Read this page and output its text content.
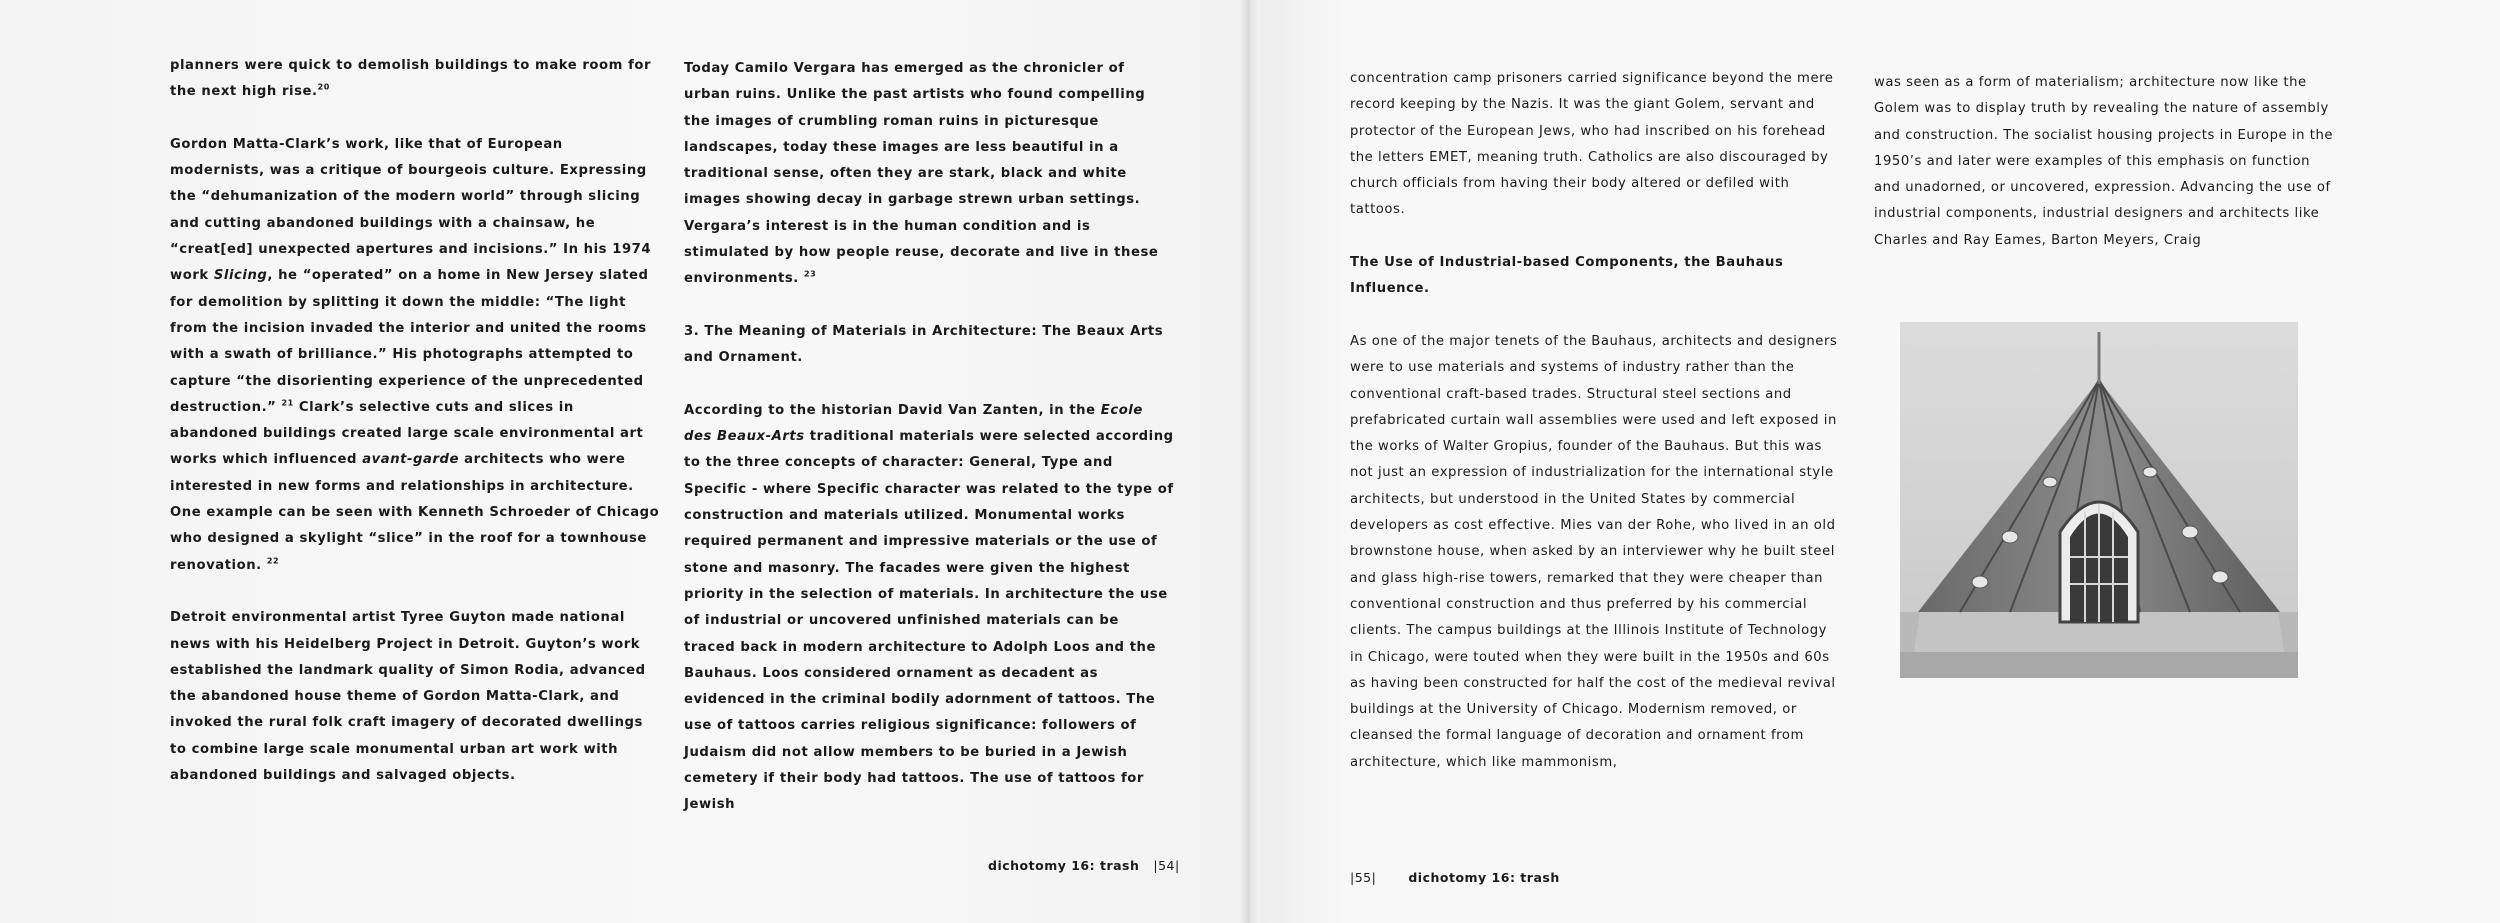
planners were quick to demolish buildings to make room for the next high rise.$^{20}$

Gordon Matta-Clark’s work, like that of European modernists, was a critique of bourgeois culture. Expressing the “dehumanization of the modern world” through slicing and cutting abandoned buildings with a chainsaw, he “creat[ed] unexpected apertures and incisions.” In his 1974 work Slicing, he “operated” on a home in New Jersey slated for demolition by splitting it down the middle: “The light from the incision invaded the interior and united the rooms with a swath of brilliance.” His photographs attempted to capture “the disorienting experience of the unprecedented destruction.” $^{21}$ Clark’s selective cuts and slices in abandoned buildings created large scale environmental art works which influenced avant-garde architects who were interested in new forms and relationships in architecture. One example can be seen with Kenneth Schroeder of Chicago who designed a skylight “slice” in the roof for a townhouse renovation. $^{22}$

Detroit environmental artist Tyree Guyton made national news with his Heidelberg Project in Detroit. Guyton’s work established the landmark quality of Simon Rodia, advanced the abandoned house theme of Gordon Matta-Clark, and invoked the rural folk craft imagery of decorated dwellings to combine large scale monumental urban art work with abandoned buildings and salvaged objects.

Today Camilo Vergara has emerged as the chronicler of urban ruins. Unlike the past artists who found compelling the images of crumbling roman ruins in picturesque landscapes, today these images are less beautiful in a traditional sense, often they are stark, black and white images showing decay in garbage strewn urban settings. Vergara’s interest is in the human condition and is stimulated by how people reuse, decorate and live in these environments. $^{23}$

3. The Meaning of Materials in Architecture: The Beaux Arts and Ornament.

According to the historian David Van Zanten, in the Ecole des Beaux-Arts traditional materials were selected according to the three concepts of character: General, Type and Specific - where Specific character was related to the type of construction and materials utilized. Monumental works required permanent and impressive materials or the use of stone and masonry. The facades were given the highest priority in the selection of materials. In architecture the use of industrial or uncovered unfinished materials can be traced back in modern architecture to Adolph Loos and the Bauhaus. Loos considered ornament as decadent as evidenced in the criminal bodily adornment of tattoos. The use of tattoos carries religious significance: followers of Judaism did not allow members to be buried in a Jewish cemetery if their body had tattoos. The use of tattoos for Jewish

dichotomy 16: trash |54|

concentration camp prisoners carried significance beyond the mere record keeping by the Nazis. It was the giant Golem, servant and protector of the European Jews, who had inscribed on his forehead the letters EMET, meaning truth. Catholics are also discouraged by church officials from having their body altered or defiled with tattoos.

The Use of Industrial-based Components, the Bauhaus Influence.

As one of the major tenets of the Bauhaus, architects and designers were to use materials and systems of industry rather than the conventional craft-based trades. Structural steel sections and prefabricated curtain wall assemblies were used and left exposed in the works of Walter Gropius, founder of the Bauhaus. But this was not just an expression of industrialization for the international style architects, but understood in the United States by commercial developers as cost effective. Mies van der Rohe, who lived in an old brownstone house, when asked by an interviewer why he built steel and glass high-rise towers, remarked that they were cheaper than conventional construction and thus preferred by his commercial clients. The campus buildings at the Illinois Institute of Technology in Chicago, were touted when they were built in the 1950s and 60s as having been constructed for half the cost of the medieval revival buildings at the University of Chicago. Modernism removed, or cleansed the formal language of decoration and ornament from architecture, which like mammonism,

was seen as a form of materialism; architecture now like the Golem was to display truth by revealing the nature of assembly and construction. The socialist housing projects in Europe in the 1950’s and later were examples of this emphasis on function and unadorned, or uncovered, expression. Advancing the use of industrial components, industrial designers and architects like Charles and Ray Eames, Barton Meyers, Craig

|55|	dichotomy 16: trash
